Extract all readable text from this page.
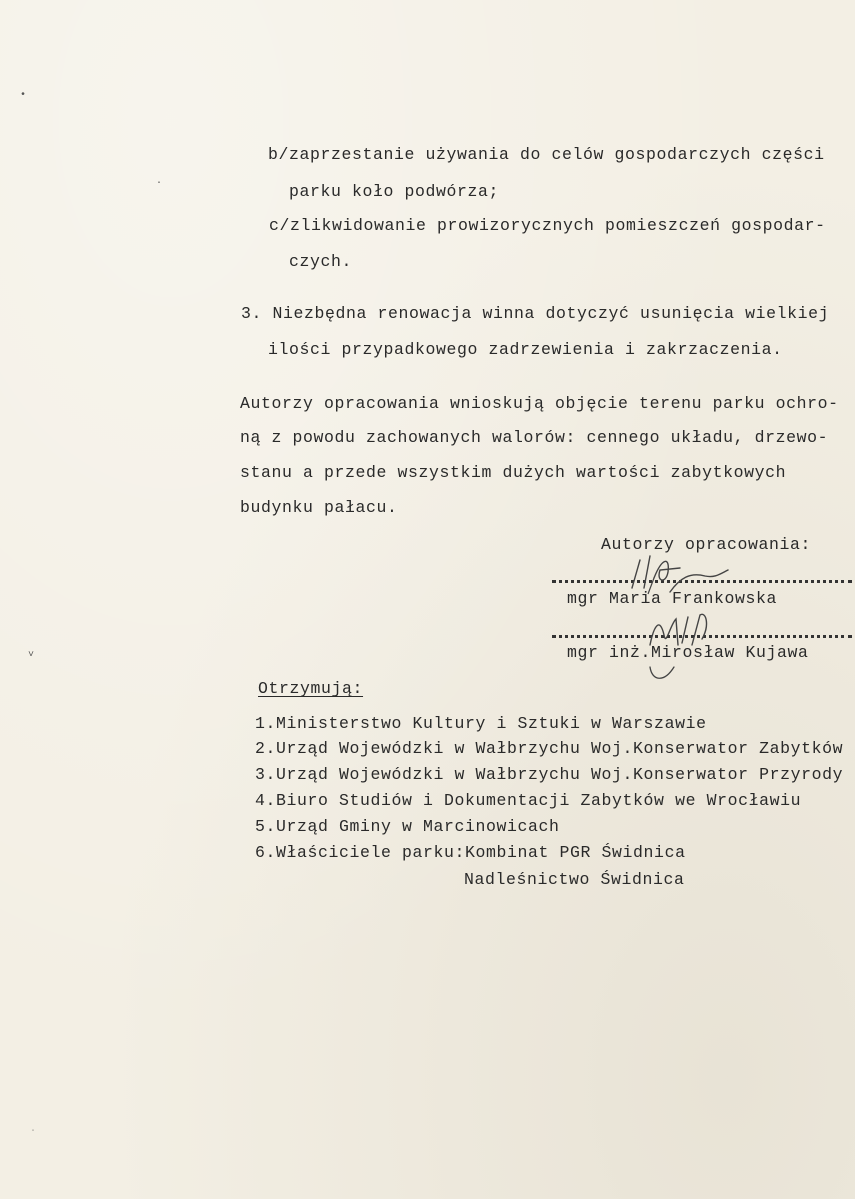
•
·
˅
ˌ
b/zaprzestanie używania do celów gospodarczych części
parku koło podwórza;
c/zlikwidowanie prowizorycznych pomieszczeń gospodar-
czych.
3. Niezbędna renowacja winna dotyczyć usunięcia wielkiej
ilości przypadkowego zadrzewienia i zakrzaczenia.
Autorzy opracowania wnioskują objęcie terenu parku ochro-
ną z powodu zachowanych walorów: cennego układu, drzewo-
stanu a przede wszystkim dużych wartości zabytkowych
budynku pałacu.
Autorzy opracowania:
mgr Maria Frankowska
mgr inż.Mirosław Kujawa
Otrzymują:
1.Ministerstwo Kultury i Sztuki w Warszawie
2.Urząd Wojewódzki w Wałbrzychu Woj.Konserwator Zabytków
3.Urząd Wojewódzki w Wałbrzychu Woj.Konserwator Przyrody
4.Biuro Studiów i Dokumentacji Zabytków we Wrocławiu
5.Urząd Gminy w Marcinowicach
6.Właściciele parku:Kombinat PGR Świdnica
Nadleśnictwo Świdnica
